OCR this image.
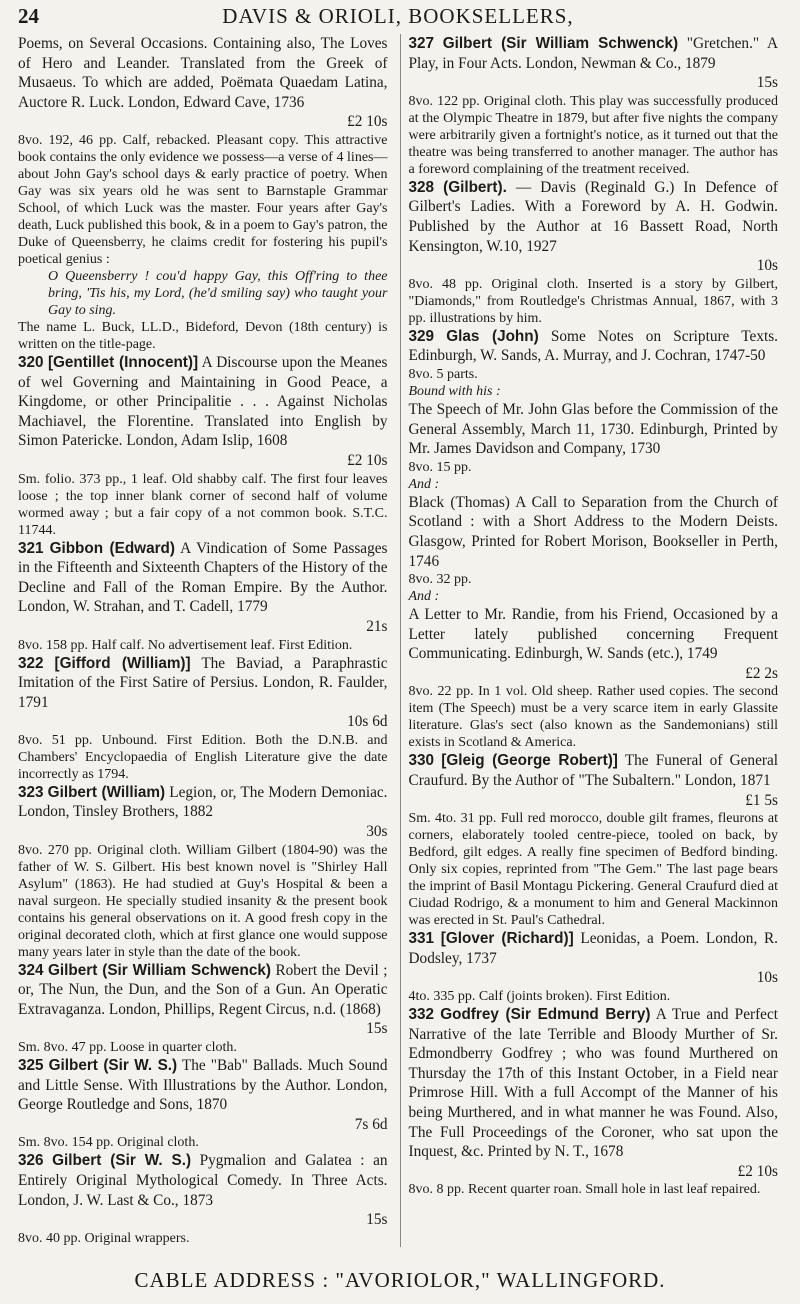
24	DAVIS & ORIOLI, BOOKSELLERS,
Poems, on Several Occasions. Containing also, The Loves of Hero and Leander. Translated from the Greek of Musaeus. To which are added, Poëmata Quaedam Latina, Auctore R. Luck. London, Edward Cave, 1736
£2 10s

8vo. 192, 46 pp. Calf, rebacked. Pleasant copy. This attractive book contains the only evidence we possess—a verse of 4 lines—about John Gay's school days & early practice of poetry. When Gay was six years old he was sent to Barnstaple Grammar School, of which Luck was the master. Four years after Gay's death, Luck published this book, & in a poem to Gay's patron, the Duke of Queensberry, he claims credit for fostering his pupil's poetical genius :

O Queensberry ! cou'd happy Gay, this Off'ring to thee bring, 'Tis his, my Lord, (he'd smiling say) who taught your Gay to sing.

The name L. Buck, LL.D., Bideford, Devon (18th century) is written on the title-page.

320 [Gentillet (Innocent)] A Discourse upon the Meanes of wel Governing and Maintaining in Good Peace, a Kingdome, or other Principalitie . . . Against Nicholas Machiavel, the Florentine. Translated into English by Simon Patericke. London, Adam Islip, 1608
£2 10s

Sm. folio. 373 pp., 1 leaf. Old shabby calf. The first four leaves loose ; the top inner blank corner of second half of volume wormed away ; but a fair copy of a not common book. S.T.C. 11744.

321 Gibbon (Edward) A Vindication of Some Passages in the Fifteenth and Sixteenth Chapters of the History of the Decline and Fall of the Roman Empire. By the Author. London, W. Strahan, and T. Cadell, 1779
21s

8vo. 158 pp. Half calf. No advertisement leaf. First Edition.

322 [Gifford (William)] The Baviad, a Paraphrastic Imitation of the First Satire of Persius. London, R. Faulder, 1791
10s 6d

8vo. 51 pp. Unbound. First Edition. Both the D.N.B. and Chambers' Encyclopaedia of English Literature give the date incorrectly as 1794.

323 Gilbert (William) Legion, or, The Modern Demoniac. London, Tinsley Brothers, 1882
30s

8vo. 270 pp. Original cloth. William Gilbert (1804-90) was the father of W. S. Gilbert. His best known novel is "Shirley Hall Asylum" (1863). He had studied at Guy's Hospital & been a naval surgeon. He specially studied insanity & the present book contains his general observations on it. A good fresh copy in the original decorated cloth, which at first glance one would suppose many years later in style than the date of the book.

324 Gilbert (Sir William Schwenck) Robert the Devil ; or, The Nun, the Dun, and the Son of a Gun. An Operatic Extravaganza. London, Phillips, Regent Circus, n.d. (1868)
15s

Sm. 8vo. 47 pp. Loose in quarter cloth.

325 Gilbert (Sir W. S.) The "Bab" Ballads. Much Sound and Little Sense. With Illustrations by the Author. London, George Routledge and Sons, 1870
7s 6d

Sm. 8vo. 154 pp. Original cloth.

326 Gilbert (Sir W. S.) Pygmalion and Galatea : an Entirely Original Mythological Comedy. In Three Acts. London, J. W. Last & Co., 1873
15s

8vo. 40 pp. Original wrappers.

327 Gilbert (Sir William Schwenck) "Gretchen." A Play, in Four Acts. London, Newman & Co., 1879
15s

8vo. 122 pp. Original cloth. This play was successfully produced at the Olympic Theatre in 1879, but after five nights the company were arbitrarily given a fortnight's notice, as it turned out that the theatre was being transferred to another manager. The author has a foreword complaining of the treatment received.

328 (Gilbert). — Davis (Reginald G.) In Defence of Gilbert's Ladies. With a Foreword by A. H. Godwin. Published by the Author at 16 Bassett Road, North Kensington, W.10, 1927
10s

8vo. 48 pp. Original cloth. Inserted is a story by Gilbert, "Diamonds," from Routledge's Christmas Annual, 1867, with 3 pp. illustrations by him.

329 Glas (John) Some Notes on Scripture Texts. Edinburgh, W. Sands, A. Murray, and J. Cochran, 1747-50

8vo. 5 parts.

Bound with his :

The Speech of Mr. John Glas before the Commission of the General Assembly, March 11, 1730. Edinburgh, Printed by Mr. James Davidson and Company, 1730

8vo. 15 pp.

And :

Black (Thomas) A Call to Separation from the Church of Scotland : with a Short Address to the Modern Deists. Glasgow, Printed for Robert Morison, Bookseller in Perth, 1746

8vo. 32 pp.

And :

A Letter to Mr. Randie, from his Friend, Occasioned by a Letter lately published concerning Frequent Communicating. Edinburgh, W. Sands (etc.), 1749
£2 2s

8vo. 22 pp. In 1 vol. Old sheep. Rather used copies. The second item (The Speech) must be a very scarce item in early Glassite literature. Glas's sect (also known as the Sandemonians) still exists in Scotland & America.

330 [Gleig (George Robert)] The Funeral of General Craufurd. By the Author of "The Subaltern." London, 1871
£1 5s

Sm. 4to. 31 pp. Full red morocco, double gilt frames, fleurons at corners, elaborately tooled centre-piece, tooled on back, by Bedford, gilt edges. A really fine specimen of Bedford binding. Only six copies, reprinted from "The Gem." The last page bears the imprint of Basil Montagu Pickering. General Craufurd died at Ciudad Rodrigo, & a monument to him and General Mackinnon was erected in St. Paul's Cathedral.

331 [Glover (Richard)] Leonidas, a Poem. London, R. Dodsley, 1737
10s

4to. 335 pp. Calf (joints broken). First Edition.

332 Godfrey (Sir Edmund Berry) A True and Perfect Narrative of the late Terrible and Bloody Murther of Sr. Edmondberry Godfrey ; who was found Murthered on Thursday the 17th of this Instant October, in a Field near Primrose Hill. With a full Accompt of the Manner of his being Murthered, and in what manner he was Found. Also, The Full Proceedings of the Coroner, who sat upon the Inquest, &c. Printed by N. T., 1678
£2 10s

8vo. 8 pp. Recent quarter roan. Small hole in last leaf repaired.

CABLE ADDRESS : "AVORIOLOR," WALLINGFORD.
